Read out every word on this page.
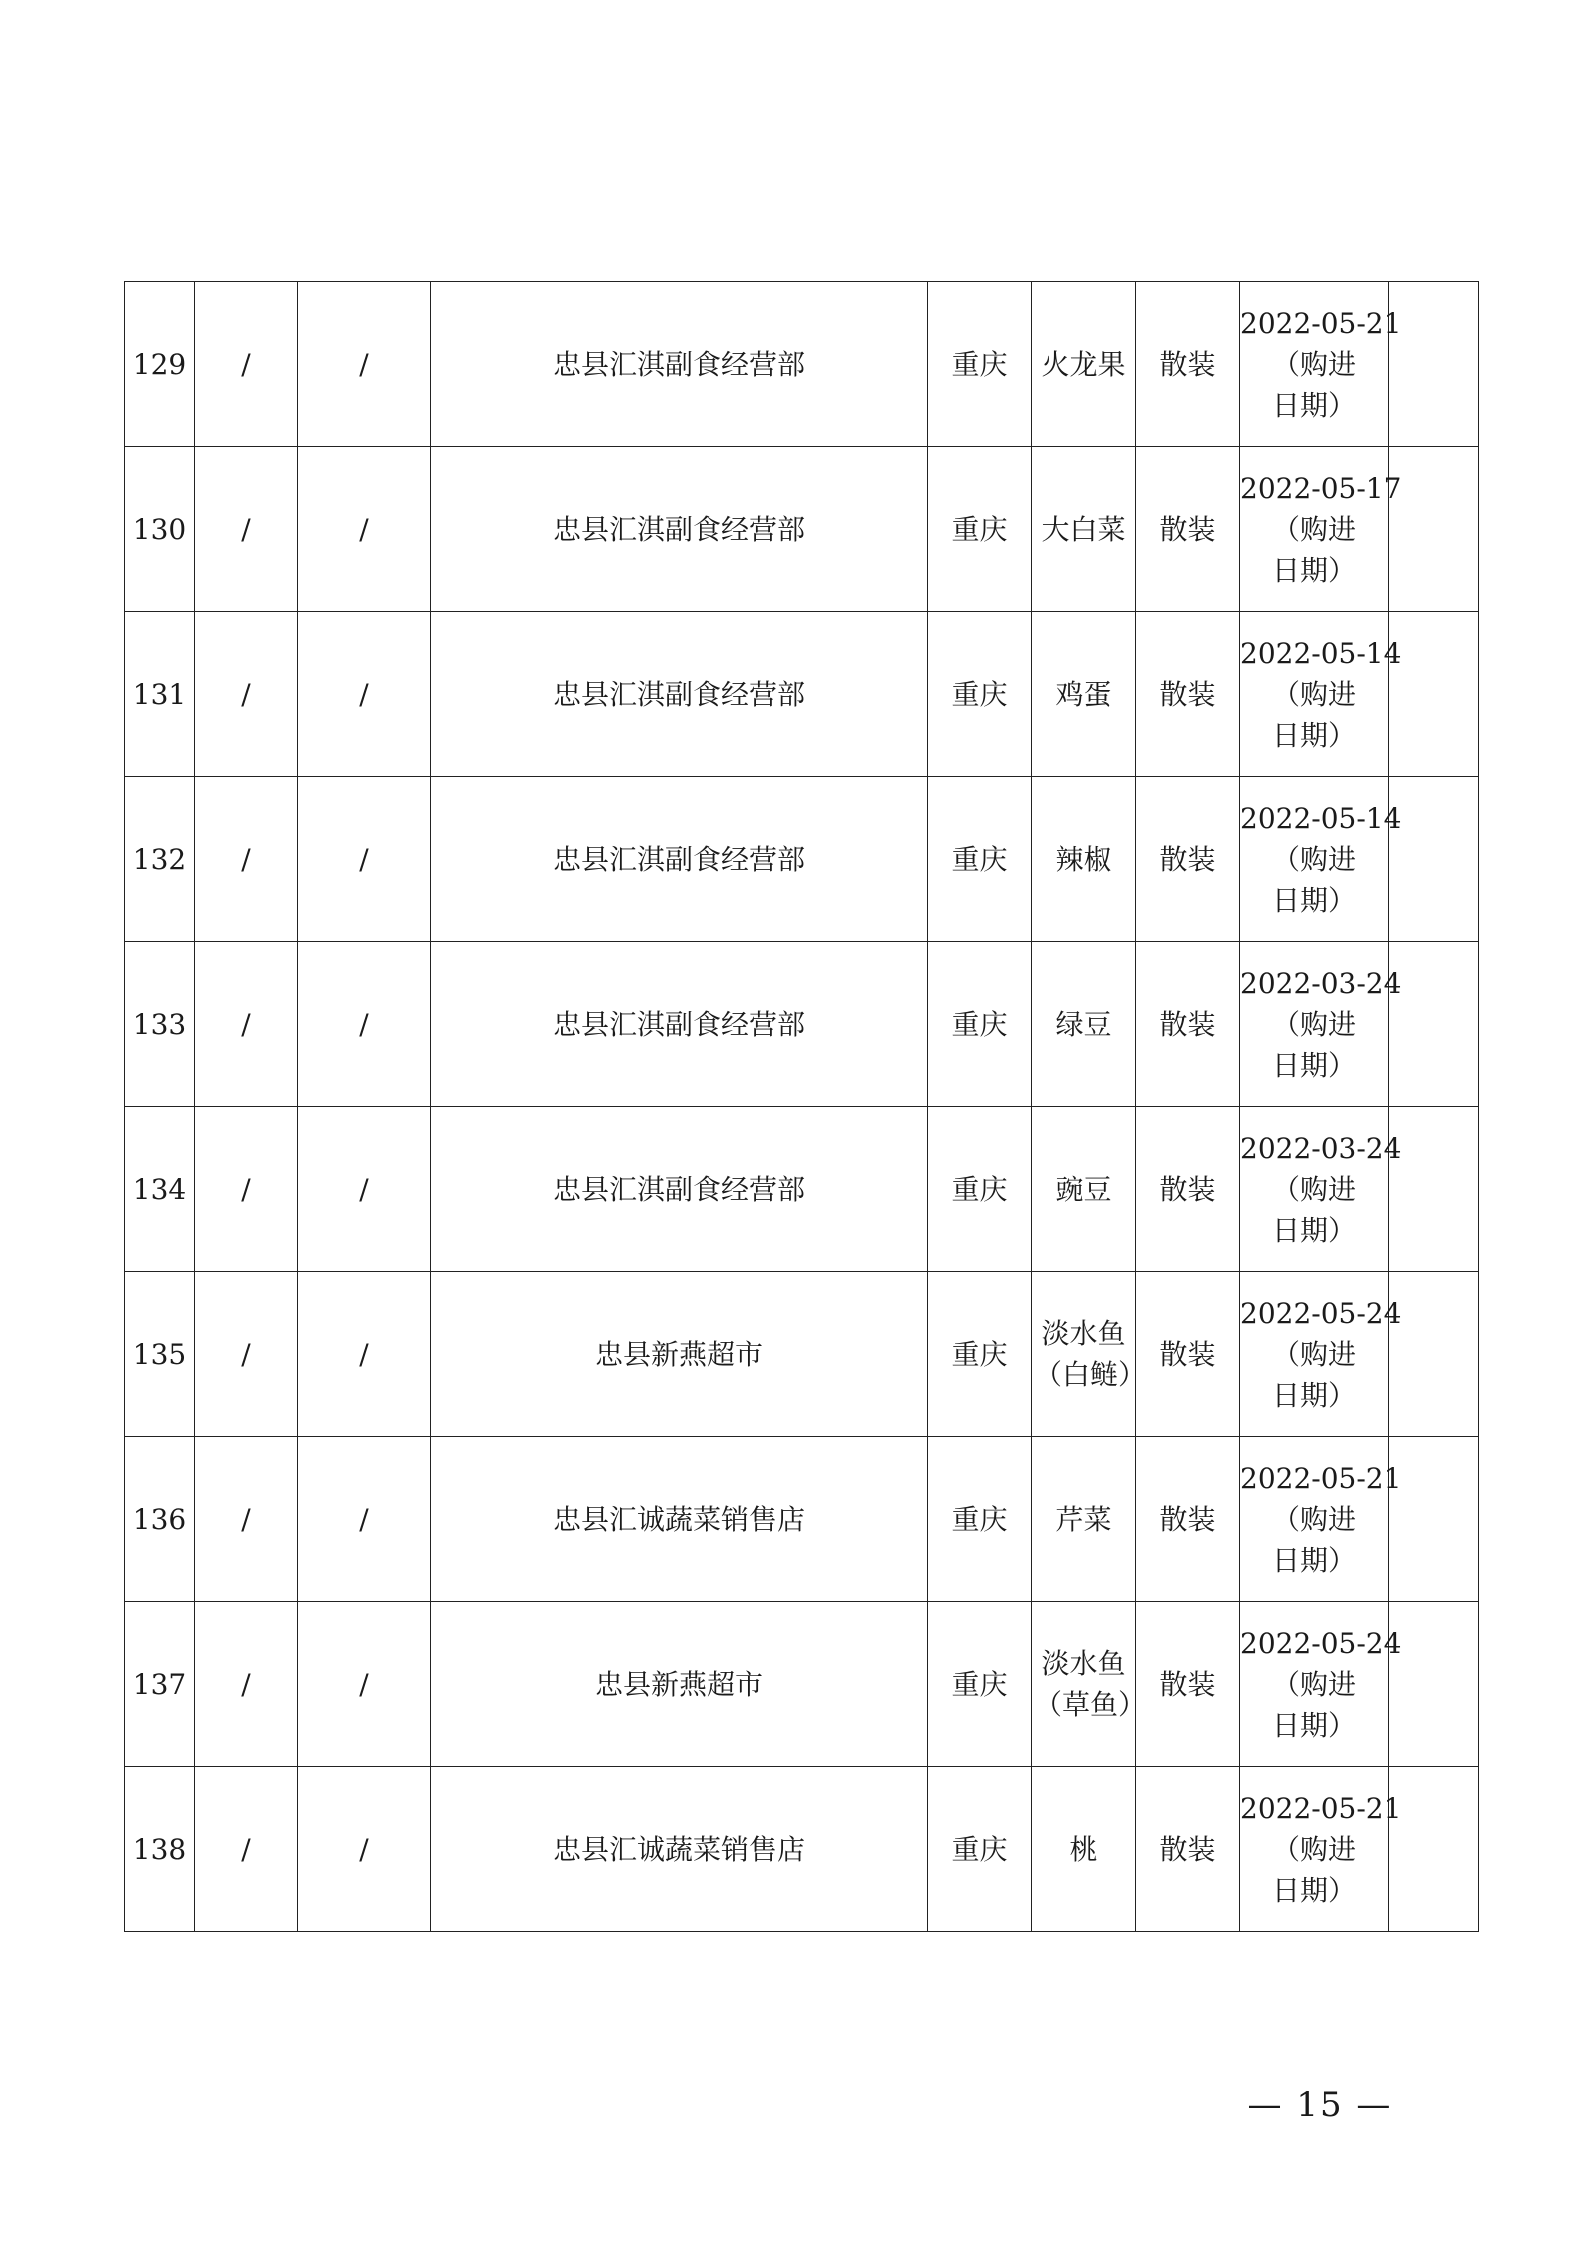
129	/	/	忠县汇淇副食经营部	重庆	火龙果	散装	2022-05-21
（购进日期）	

130	/	/	忠县汇淇副食经营部	重庆	大白菜	散装	2022-05-17
（购进日期）	

131	/	/	忠县汇淇副食经营部	重庆	鸡蛋	散装	2022-05-14
（购进日期）	

132	/	/	忠县汇淇副食经营部	重庆	辣椒	散装	2022-05-14
（购进日期）	

133	/	/	忠县汇淇副食经营部	重庆	绿豆	散装	2022-03-24
（购进日期）	

134	/	/	忠县汇淇副食经营部	重庆	豌豆	散装	2022-03-24
（购进日期）	

135	/	/	忠县新燕超市	重庆	淡水鱼（白鲢）	散装	2022-05-24
（购进日期）	

136	/	/	忠县汇诚蔬菜销售店	重庆	芹菜	散装	2022-05-21
（购进日期）	

137	/	/	忠县新燕超市	重庆	淡水鱼（草鱼）	散装	2022-05-24
（购进日期）	

138	/	/	忠县汇诚蔬菜销售店	重庆	桃	散装	2022-05-21
（购进日期）	

— 15 —
